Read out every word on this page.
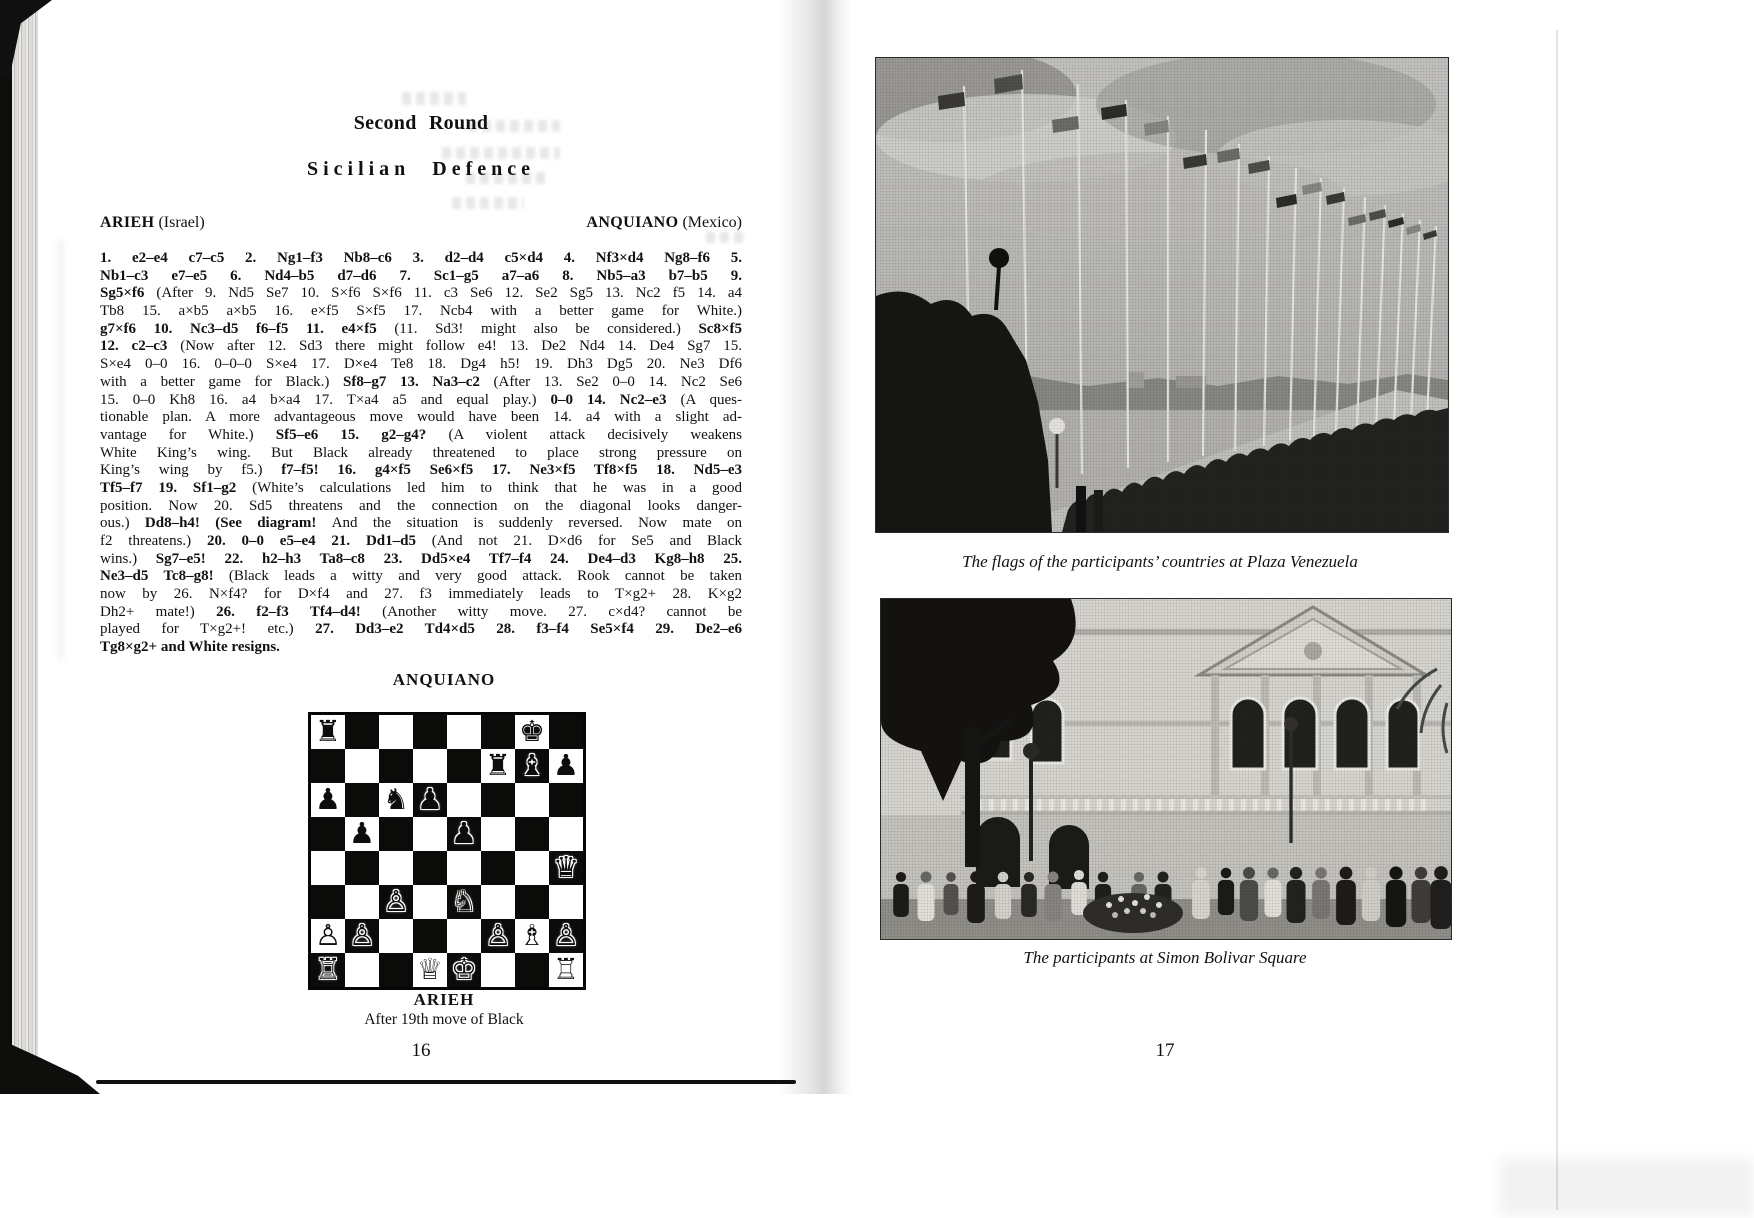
Second Round
Sicilian Defence
ANQUIANO (Mexico)
ARIEH (Israel)
1. e2–e4 c7–c5 2. Ng1–f3 Nb8–c6 3. d2–d4 c5×d4 4. Nf3×d4 Ng8–f6 5.
Nb1–c3 e7–e5 6. Nd4–b5 d7–d6 7. Sc1–g5 a7–a6 8. Nb5–a3 b7–b5 9.
Sg5×f6 (After 9. Nd5 Se7 10. S×f6 S×f6 11. c3 Se6 12. Se2 Sg5 13. Nc2 f5 14. a4
Tb8 15. a×b5 a×b5 16. e×f5 S×f5 17. Ncb4 with a better game for White.)
g7×f6 10. Nc3–d5 f6–f5 11. e4×f5 (11. Sd3! might also be considered.) Sc8×f5
12. c2–c3 (Now after 12. Sd3 there might follow e4! 13. De2 Nd4 14. De4 Sg7 15.
S×e4 0–0 16. 0–0–0 S×e4 17. D×e4 Te8 18. Dg4 h5! 19. Dh3 Dg5 20. Ne3 Df6
with a better game for Black.) Sf8–g7 13. Na3–c2 (After 13. Se2 0–0 14. Nc2 Se6
15. 0–0 Kh8 16. a4 b×a4 17. T×a4 a5 and equal play.) 0–0 14. Nc2–e3 (A ques-
tionable plan. A more advantageous move would have been 14. a4 with a slight ad-
vantage for White.) Sf5–e6 15. g2–g4? (A violent attack decisively weakens
White King’s wing. But Black already threatened to place strong pressure on
King’s wing by f5.) f7–f5! 16. g4×f5 Se6×f5 17. Ne3×f5 Tf8×f5 18. Nd5–e3
Tf5–f7 19. Sf1–g2 (White’s calculations led him to think that he was in a good
position. Now 20. Sd5 threatens and the connection on the diagonal looks danger-
ous.) Dd8–h4! (See diagram! And the situation is suddenly reversed. Now mate on
f2 threatens.) 20. 0–0 e5–e4 21. Dd1–d5 (And not 21. D×d6 for Se5 and Black
wins.) Sg7–e5! 22. h2–h3 Ta8–c8 23. Dd5×e4 Tf7–f4 24. De4–d3 Kg8–h8 25.
Ne3–d5 Tc8–g8! (Black leads a witty and very good attack. Rook cannot be taken
now by 26. N×f4? for D×f4 and 27. f3 immediately leads to T×g2+ 28. K×g2
Dh2+ mate!) 26. f2–f3 Tf4–d4! (Another witty move. 27. c×d4? cannot be
played for T×g2+! etc.) 27. Dd3–e2 Td4×d5 28. f3–f4 Se5×f4 29. De2–e6
Tg8×g2+ and White resigns.
ANQUIANO
♜	♚
♜ ♝ ♟
♟ ♞ ♟
♟	♟
♛
♙ ♘
♙ ♙	♙ ♗ ♙
♖	♕ ♔	♖
ARIEH
After 19th move of Black
16
The flags of the participants’ countries at Plaza Venezuela
The participants at Simon Bolivar Square
17
